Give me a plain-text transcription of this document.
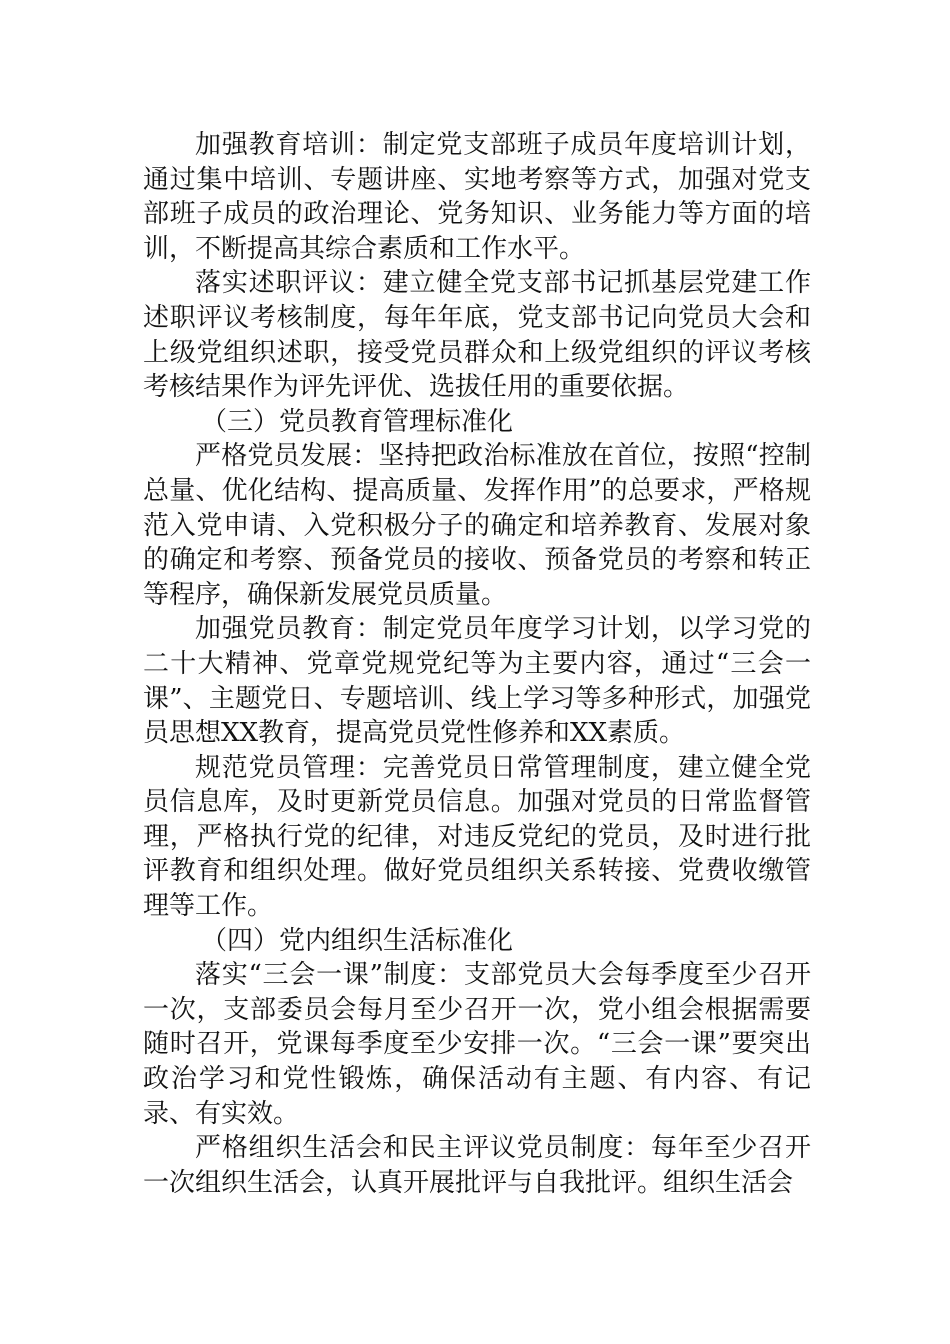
加强教育培训：制定党支部班子成员年度培训计划，通过集中培训、专题讲座、实地考察等方式，加强对党支部班子成员的政治理论、党务知识、业务能力等方面的培训，不断提高其综合素质和工作水平。

落实述职评议：建立健全党支部书记抓基层党建工作述职评议考核制度，每年年底，党支部书记向党员大会和上级党组织述职，接受党员群众和上级党组织的评议考核考核结果作为评先评优、选拔任用的重要依据。

（三）党员教育管理标准化

严格党员发展：坚持把政治标准放在首位，按照“控制总量、优化结构、提高质量、发挥作用”的总要求，严格规范入党申请、入党积极分子的确定和培养教育、发展对象的确定和考察、预备党员的接收、预备党员的考察和转正等程序，确保新发展党员质量。

加强党员教育：制定党员年度学习计划，以学习党的二十大精神、党章党规党纪等为主要内容，通过“三会一课”、主题党日、专题培训、线上学习等多种形式，加强党员思想XX教育，提高党员党性修养和XX素质。

规范党员管理：完善党员日常管理制度，建立健全党员信息库，及时更新党员信息。加强对党员的日常监督管理，严格执行党的纪律，对违反党纪的党员，及时进行批评教育和组织处理。做好党员组织关系转接、党费收缴管理等工作。

（四）党内组织生活标准化

落实“三会一课”制度：支部党员大会每季度至少召开一次，支部委员会每月至少召开一次，党小组会根据需要随时召开，党课每季度至少安排一次。“三会一课”要突出政治学习和党性锻炼，确保活动有主题、有内容、有记录、有实效。

严格组织生活会和民主评议党员制度：每年至少召开一次组织生活会，认真开展批评与自我批评。组织生活会
